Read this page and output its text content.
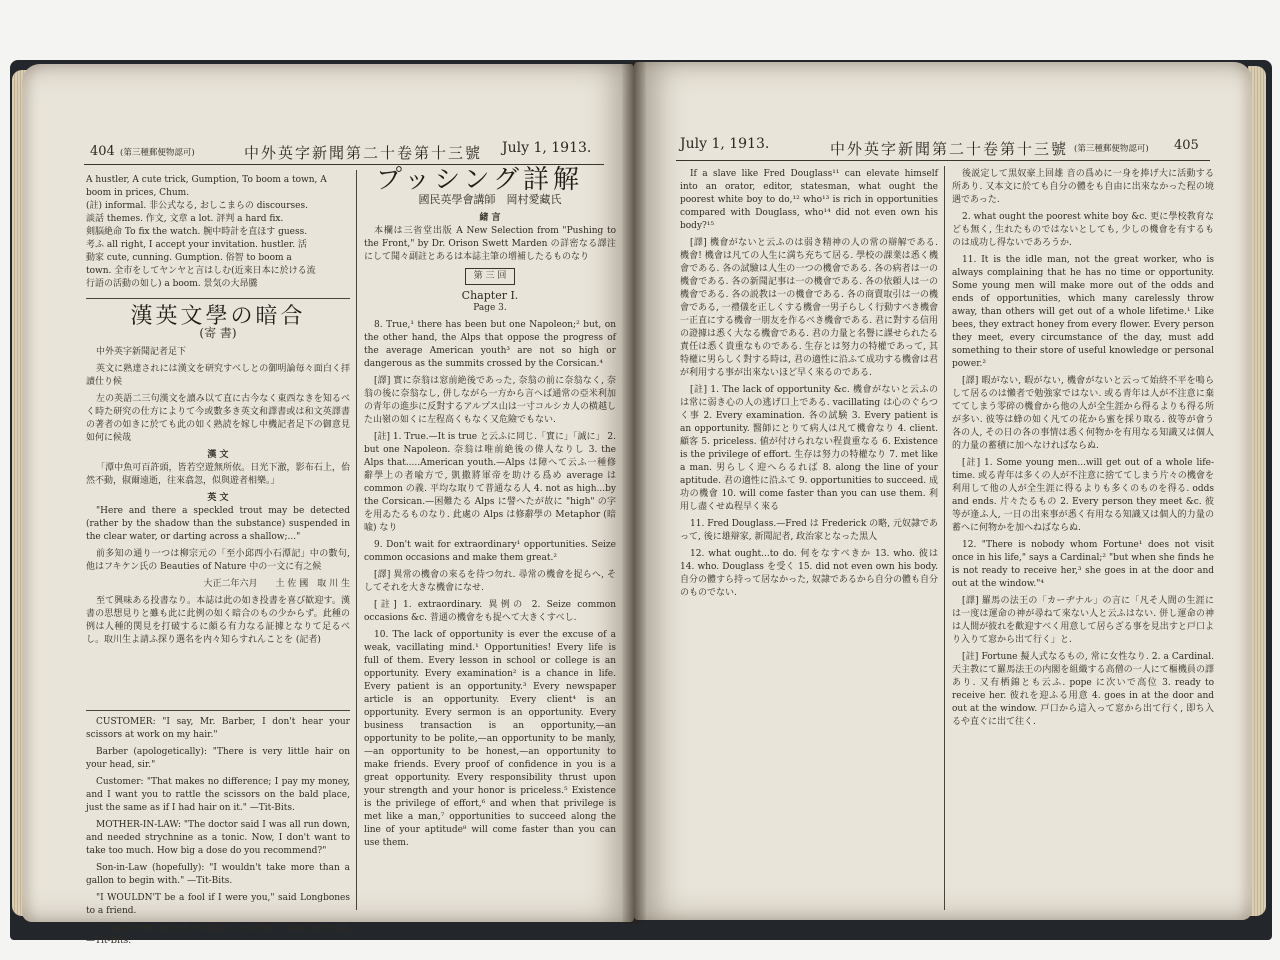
404 (第三種郵便物認可)	中外英字新聞第二十卷第十三號 July 1, 1913.
A hustler, A cute trick, Gumption, To boom a town, A
boom in prices, Chum.
(註) informal. 非公式なる, おしこまらの discourses.
談話 themes. 作文, 文章 a lot. 評判 a hard fix.
剣脳絶命 To fix the watch. 腕中時計を直ほす guess.
考ふ all right, I accept your invitation. hustler. 活
動家 cute, cunning. Gumption. 俗智 to boom a
town. 全市をしてヤンヤと言はしむ(近來日本に於ける流
行語の活動の如し) a boom. 景気の大昂騰
漢英文學の暗合
(寄 書)

中外英字新聞記者足下

英文に熟達されには漢文を研究すべしとの御明論毎々面白く拝讀仕り候

左の英語二三句漢文を讀み以て直に古今なく東西なきを知るべく時た研究の仕方によりて今或數多き英文和譯書或は和文英譯書の著者の如きに於ても此の如く熟読を嫁し中機記者足下の御意見如何に候哉

漢 文

「潭中魚可百許頭，皆若空遊無所依。日光下澈，影布石上，佁然不動，俶爾遠逝，往來翕忽，似與遊者相樂。」

英 文

"Here and there a speckled trout may be detected (rather by the shadow than the substance) suspended in the clear water, or darting across a shallow;..."

前多知の通り一つは柳宗元の「至小邱西小石潭記」中の數句, 他はフキケン氏の Beauties of Nature 中の一文に有之候

大正二年六月　　土 佐 國　取 川 生

至て興味ある投書なり。本誌は此の如き投書を喜び歓迎す。漢書の思想見りと雖も此に此例の如く暗合のもの少からず。此種の例は人種的関見を打破するに頗る有力なる証據となりて足るべし。取川生よ請ふ探り選名を内々知らすれんことを (記者)

CUSTOMER: "I say, Mr. Barber, I don't hear your scissors at work on my hair."

Barber (apologetically): "There is very little hair on your head, sir."

Customer: "That makes no difference; I pay my money, and I want you to rattle the scissors on the bald place, just the same as if I had hair on it." —Tit-Bits.

MOTHER-IN-LAW: "The doctor said I was all run down, and needed strychnine as a tonic. Now, I don't want to take too much. How big a dose do you recommend?"

Son-in-Law (hopefully): "I wouldn't take more than a gallon to begin with." —Tit-Bits.

"I WOULDN'T be a fool if I were you," said Longbones to a friend.

"If you were me you wouldn't be a fool," was the reply. —Tit-Bits.

プッシング詳解
國民英學會講師　岡村愛藏氏
緒 言

本欄は三省堂出版 A New Selection from "Pushing to the Front," by Dr. Orison Swett Marden の詳密なる譯注にして聞々副註とあるは本誌主筆の增補したるものなり

第 三 回
Chapter I.
Page 3.

8. True,¹ there has been but one Napoleon;² but, on the other hand, the Alps that oppose the progress of the average American youth³ are not so high or dangerous as the summits crossed by the Corsican.⁴

[譯] 實に奈翁は窓前絶後であった, 奈翁の前に奈翁なく, 奈翁の後に奈翁なし, 併しながら一方から言へば通常の亞米利加の青年の進歩に反對するアルプス山は一寸コルシカ人の横越した山嶺の如くに左程高くもなく又危險でもない.

[註] 1. True.—It is true と云ふに同じ.「實に」「誠に」 2. but one Napoleon. 奈翁は唯前絶後の偉人なりし 3. the Alps that.....American youth.—Alps は障へて云ふ一種修辭學上の者喩方で, 凱撒將軍帝を助ける爲め average は common の義. 平均な取りて普通なる人 4. not as high...by the Corsican.—困難たる Alps に譬へたが故に "high" の字を用ゐたるものなり. 此處の Alps は修辭學の Metaphor (暗喩) なり

9. Don't wait for extraordinary¹ opportunities. Seize common occasions and make them great.²

[譯] 異常の機會の來るを待つ勿れ. 尋常の機會を捉らへ, そしてそれを大きな機會になせ.

[註] 1. extraordinary. 異例の 2. Seize common occasions &c. 普通の機會をも捉へて大きくすべし.

10. The lack of opportunity is ever the excuse of a weak, vacillating mind.¹ Opportunities! Every life is full of them. Every lesson in school or college is an opportunity. Every examination² is a chance in life. Every patient is an opportunity.³ Every newspaper article is an opportunity. Every client⁴ is an opportunity. Every sermon is an opportunity. Every business transaction is an opportunity,—an opportunity to be polite,—an opportunity to be manly,—an opportunity to be honest,—an opportunity to make friends. Every proof of confidence in you is a great opportunity. Every responsibility thrust upon your strength and your honor is priceless.⁵ Existence is the privilege of effort,⁶ and when that privilege is met like a man,⁷ opportunities to succeed along the line of your aptitude⁸ will come faster than you can use them.

July 1, 1913.	中外英字新聞第二十卷第十三號 (第三種郵便物認可) 405

If a slave like Fred Douglass¹¹ can elevate himself into an orator, editor, statesman, what ought the poorest white boy to do,¹² who¹³ is rich in opportunities compared with Douglass, who¹⁴ did not even own his body?¹⁵

[譯] 機會がないと云ふのは弱き精神の人の常の辯解である. 機會! 機會は凡ての人生に満ち充ちて居る. 學校の課業は悉く機會である. 各の試驗は人生の一つの機會である. 各の病者は一の機會である. 各の新聞記事は一の機會である. 各の依頼人は一の機會である. 各の説教は一の機會である. 各の商賣取引は一の機會である, 一禮儀を正しくする機會一男子らしく行動すべき機會一正直にする機會一朋友を作るべき機會である. 君に對する信用の證據は悉く大なる機會である. 君の力量と名譽に課せられたる責任は悉く貴重なものである. 生存とは努力の特權であって, 其特權に男らしく對する時は, 君の適性に沿ふて成功する機會は君が利用する事が出來ないほど早く來るのである.

[註] 1. The lack of opportunity &c. 機會がないと云ふのは常に弱き心の人の逃げ口上である. vacillating は心のぐらつく事 2. Every examination. 各の試験 3. Every patient is an opportunity. 醫師にとりて病人は凡て機會なり 4. client. 顧客 5. priceless. 値が付けられない程貴重なる 6. Existence is the privilege of effort. 生存は努力の特權なり 7. met like a man. 男らしく迎へらるれば 8. along the line of your aptitude. 君の適性に沿ふて 9. opportunities to succeed. 成功の機會 10. will come faster than you can use them. 利用し盡くせぬ程早く來る

11. Fred Douglass.—Fred は Frederick の略, 元奴隷であって, 後に雄辯家, 新聞記者, 政治家となった黒人

12. what ought...to do. 何をなすべきか 13. who. 彼は 14. who. Douglass を受く 15. did not even own his body. 自分の體すら持って居なかった, 奴隷であるから自分の體も自分のものでない.

後説定して黒奴豪上回雄 音の爲めに一身を捧げ大に活動する所あり. 又本文に於ても自分の體をも自由に出來なかった程の境遇であった.

2. what ought the poorest white boy &c. 更に學校教育なども無く, 生れたものではないとしても, 少しの機會を有するものは成功し得ないであろうか.

11. It is the idle man, not the great worker, who is always complaining that he has no time or opportunity. Some young men will make more out of the odds and ends of opportunities, which many carelessly throw away, than others will get out of a whole lifetime.¹ Like bees, they extract honey from every flower. Every person they meet, every circumstance of the day, must add something to their store of useful knowledge or personal power.²

[譯] 暇がない, 暇がない, 機會がないと云って始終不平を鳴らして居るのは懶者で勉強家ではない. 或る青年は人が不注意に棄ててしまう零碎の機會から他の人が全生涯から得るよりも得る所が多い. 彼等は蜂の如く凡ての花から蜜を採り取る. 彼等が會う各の人, その日の各の事情は悉く何物かを有用なる知識又は個人的力量の蓄積に加へなければならぬ.

[註] 1. Some young men...will get out of a whole life-time. 或る青年は多くの人が不注意に捨ててしまう片々の機會を利用して他の人が全生涯に得るよりも多くのものを得る. odds and ends. 片々たるもの 2. Every person they meet &c. 彼等が逢ふ人, 一日の出來事が悉く有用なる知識又は個人的力量の蓄へに何物かを加へねばならぬ.

12. "There is nobody whom Fortune¹ does not visit once in his life," says a Cardinal;² "but when she finds he is not ready to receive her,³ she goes in at the door and out at the window."⁴

[譯] 羅馬の法王の「カーヂナル」の言に「凡そ人間の生涯には一度は運命の神が尋ねて來ない人と云ふはない. 併し運命の神は人間が彼れを歡迎すべく用意して居らざる事を見出すと戸口より入りて窓から出て行く」と.

[註] Fortune 擬人式なるもの, 常に女性なり. 2. a Cardinal. 天主教にて羅馬法王の内閣を組織する高僧の一人にて樞機員の譯あり. 又有栖錦とも云ふ. pope に次いで高位 3. ready to receive her. 彼れを迎ふる用意 4. goes in at the door and out at the window. 戸口から這入って窓から出て行く, 即ち入るや直ぐに出て往く.
